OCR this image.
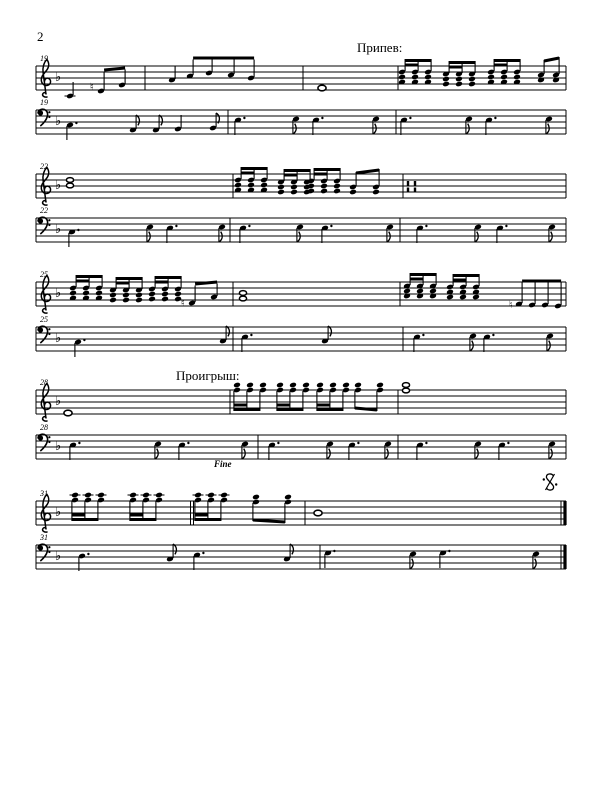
2
Припев:
Проигрыш:
Fine
♭
19
♮
♭
19
♭
22
♭
22
♭
25
♮	♮
♭
25
♭
28
♭
28
♭
31
♭
31
